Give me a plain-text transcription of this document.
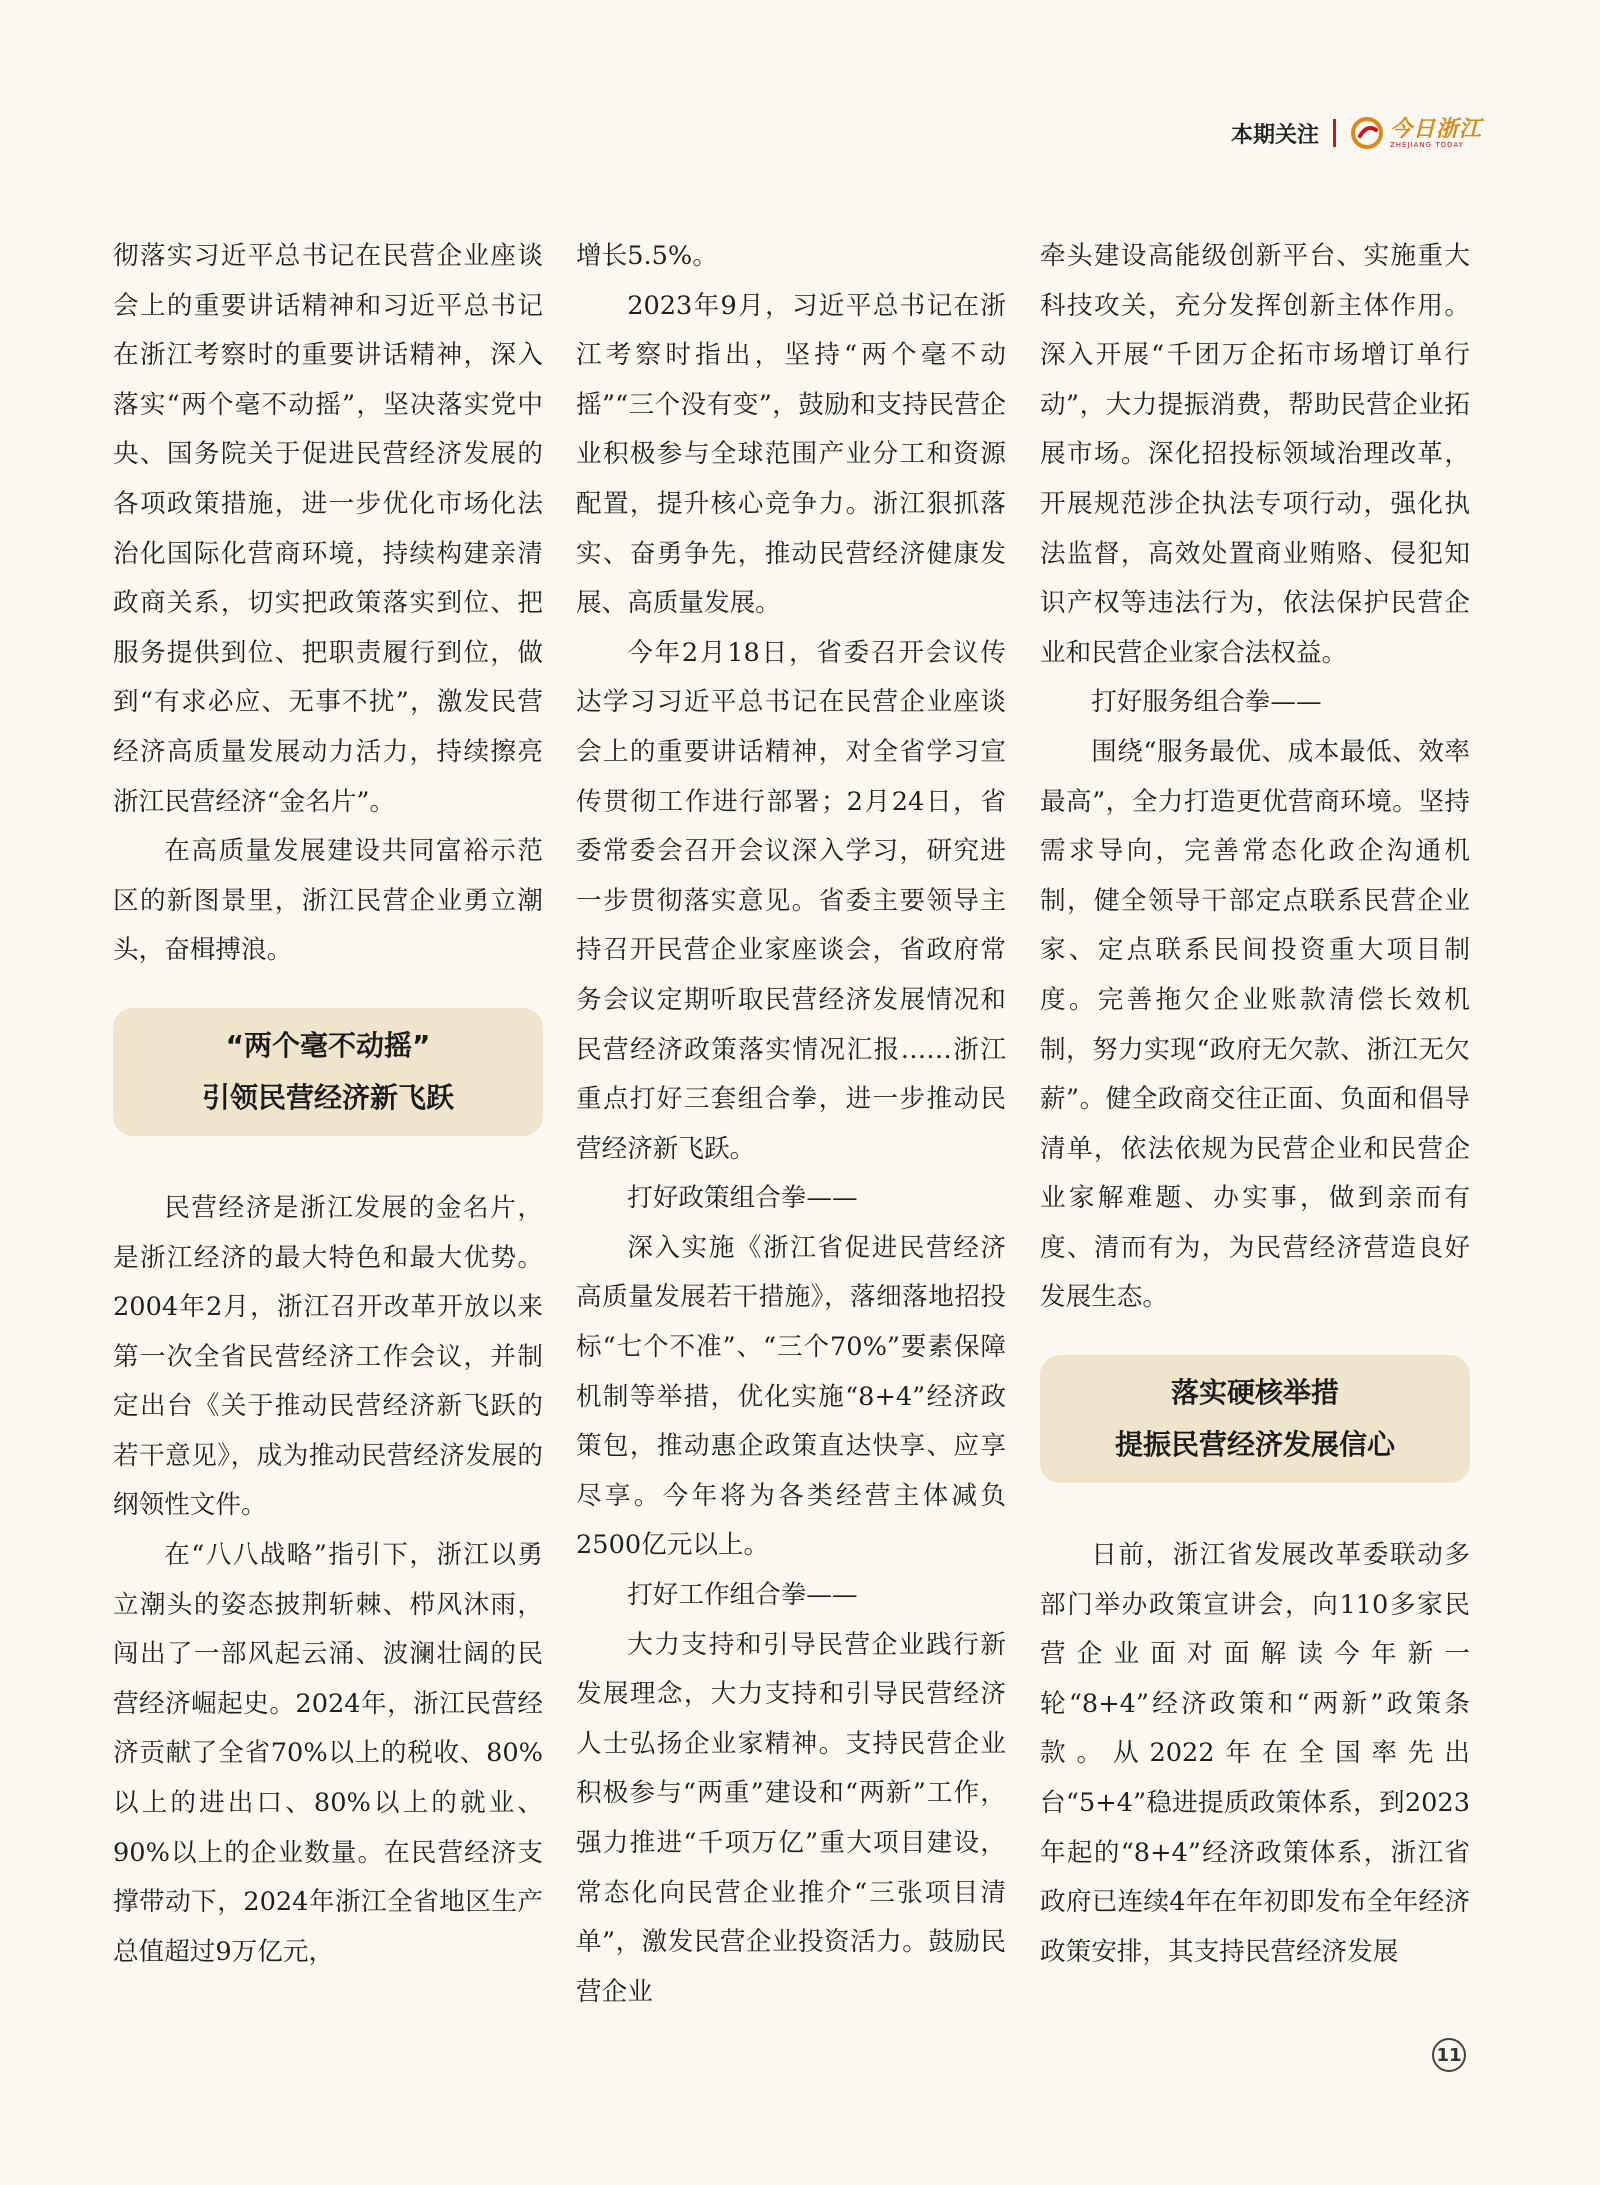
本期关注	今日浙江
ZHEJIANG TODAY

彻落实习近平总书记在民营企业座谈会上的重要讲话精神和习近平总书记在浙江考察时的重要讲话精神，深入落实“两个毫不动摇”，坚决落实党中央、国务院关于促进民营经济发展的各项政策措施，进一步优化市场化法治化国际化营商环境，持续构建亲清政商关系，切实把政策落实到位、把服务提供到位、把职责履行到位，做到“有求必应、无事不扰”，激发民营经济高质量发展动力活力，持续擦亮浙江民营经济“金名片”。

在高质量发展建设共同富裕示范区的新图景里，浙江民营企业勇立潮头，奋楫搏浪。

“两个毫不动摇”
引领民营经济新飞跃

民营经济是浙江发展的金名片，是浙江经济的最大特色和最大优势。2004年2月，浙江召开改革开放以来第一次全省民营经济工作会议，并制定出台《关于推动民营经济新飞跃的若干意见》，成为推动民营经济发展的纲领性文件。

在“八八战略”指引下，浙江以勇立潮头的姿态披荆斩棘、栉风沐雨，闯出了一部风起云涌、波澜壮阔的民营经济崛起史。2024年，浙江民营经济贡献了全省70%以上的税收、80%以上的进出口、80%以上的就业、90%以上的企业数量。在民营经济支撑带动下，2024年浙江全省地区生产总值超过9万亿元，

增长5.5%。

2023年9月，习近平总书记在浙江考察时指出，坚持“两个毫不动摇”“三个没有变”，鼓励和支持民营企业积极参与全球范围产业分工和资源配置，提升核心竞争力。浙江狠抓落实、奋勇争先，推动民营经济健康发展、高质量发展。

今年2月18日，省委召开会议传达学习习近平总书记在民营企业座谈会上的重要讲话精神，对全省学习宣传贯彻工作进行部署；2月24日，省委常委会召开会议深入学习，研究进一步贯彻落实意见。省委主要领导主持召开民营企业家座谈会，省政府常务会议定期听取民营经济发展情况和民营经济政策落实情况汇报……浙江重点打好三套组合拳，进一步推动民营经济新飞跃。

打好政策组合拳——

深入实施《浙江省促进民营经济高质量发展若干措施》，落细落地招投标“七个不准”、“三个70%”要素保障机制等举措，优化实施“8+4”经济政策包，推动惠企政策直达快享、应享尽享。今年将为各类经营主体减负2500亿元以上。

打好工作组合拳——

大力支持和引导民营企业践行新发展理念，大力支持和引导民营经济人士弘扬企业家精神。支持民营企业积极参与“两重”建设和“两新”工作，强力推进“千项万亿”重大项目建设，常态化向民营企业推介“三张项目清单”，激发民营企业投资活力。鼓励民营企业

牵头建设高能级创新平台、实施重大科技攻关，充分发挥创新主体作用。深入开展“千团万企拓市场增订单行动”，大力提振消费，帮助民营企业拓展市场。深化招投标领域治理改革，开展规范涉企执法专项行动，强化执法监督，高效处置商业贿赂、侵犯知识产权等违法行为，依法保护民营企业和民营企业家合法权益。

打好服务组合拳——

围绕“服务最优、成本最低、效率最高”，全力打造更优营商环境。坚持需求导向，完善常态化政企沟通机制，健全领导干部定点联系民营企业家、定点联系民间投资重大项目制度。完善拖欠企业账款清偿长效机制，努力实现“政府无欠款、浙江无欠薪”。健全政商交往正面、负面和倡导清单，依法依规为民营企业和民营企业家解难题、办实事，做到亲而有度、清而有为，为民营经济营造良好发展生态。

落实硬核举措
提振民营经济发展信心

日前，浙江省发展改革委联动多部门举办政策宣讲会，向110多家民营企业面对面解读今年新一轮“8+4”经济政策和“两新”政策条款。从2022年在全国率先出台“5+4”稳进提质政策体系，到2023年起的“8+4”经济政策体系，浙江省政府已连续4年在年初即发布全年经济政策安排，其支持民营经济发展

11
